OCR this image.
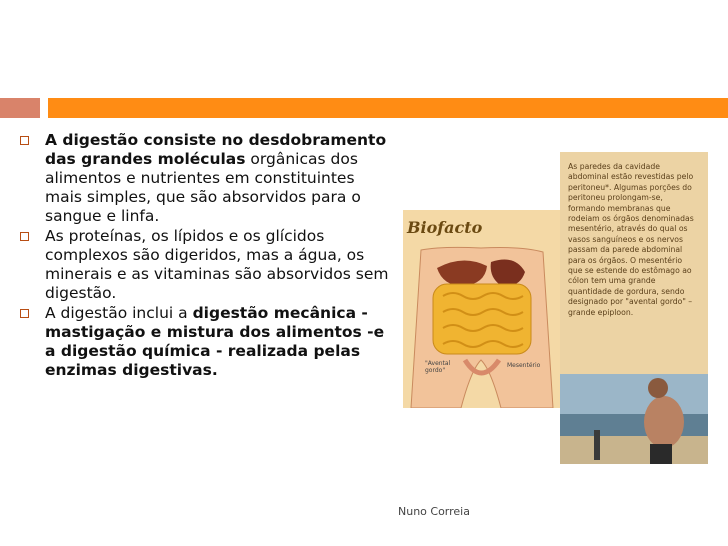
A digestão consiste no desdobramento das grandes moléculas orgânicas dos alimentos e nutrientes em constituintes mais simples, que são absorvidos para o sangue e linfa.
As proteínas, os lípidos e os glícidos complexos são digeridos, mas a água, os minerais e as vitaminas são absorvidos sem digestão.
A digestão inclui a digestão mecânica - mastigação e mistura dos alimentos -e a digestão química - realizada pelas enzimas digestivas.
Biofacto
"Avental gordo"
Mesentério
As paredes da cavidade abdominal estão revestidas pelo peritoneu*. Algumas porções do peritoneu prolongam-se, formando membranas que rodeiam os órgãos denominadas mesentério, através do qual os vasos sanguíneos e os nervos passam da parede abdominal para os órgãos. O mesentério que se estende do estômago ao cólon tem uma grande quantidade de gordura, sendo designado por "avental gordo" – grande epiploon.
Nuno Correia
